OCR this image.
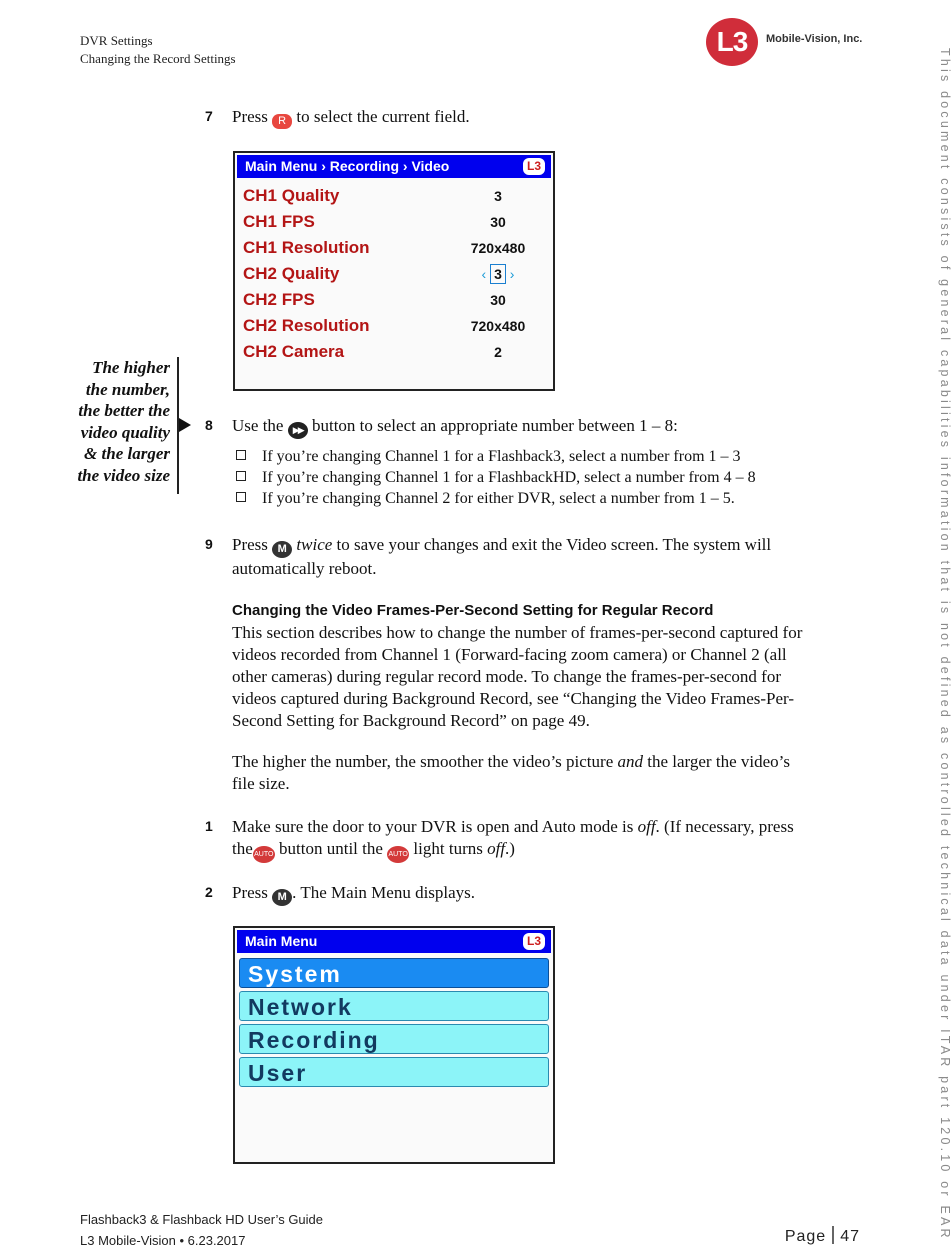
DVR Settings
Changing the Record Settings
L3	Mobile-Vision, Inc.
This document consists of general capabilities information that is not defined as controlled technical data under ITAR part 120.10 or EAR
7 Press R to select the current field.
Main Menu › Recording › Video	L3
CH1 Quality	3
CH1 FPS	30
CH1 Resolution	720x480
CH2 Quality	‹ 3 ›
CH2 FPS	30
CH2 Resolution	720x480
CH2 Camera	2
The higher
the number,
the better the
video quality
& the larger
the video size
8 Use the ▶▶ button to select an appropriate number between 1 – 8:
If you’re changing Channel 1 for a Flashback3, select a number from 1 – 3
If you’re changing Channel 1 for a FlashbackHD, select a number from 4 – 8
If you’re changing Channel 2 for either DVR, select a number from 1 – 5.
9 Press M twice to save your changes and exit the Video screen. The system will
automatically reboot.
Changing the Video Frames-Per-Second Setting for Regular Record
This section describes how to change the number of frames-per-second captured for
videos recorded from Channel 1 (Forward-facing zoom camera) or Channel 2 (all
other cameras) during regular record mode. To change the frames-per-second for
videos captured during Background Record, see “Changing the Video Frames-Per-
Second Setting for Background Record” on page 49.
The higher the number, the smoother the video’s picture and the larger the video’s
file size.
1 Make sure the door to your DVR is open and Auto mode is off. (If necessary, press
theAUTO button until the AUTO light turns off.)
2 Press M . The Main Menu displays.
Main Menu	L3
System
Network
Recording
User
Flashback3 & Flashback HD User’s Guide
L3 Mobile-Vision • 6.23.2017	Page 47
